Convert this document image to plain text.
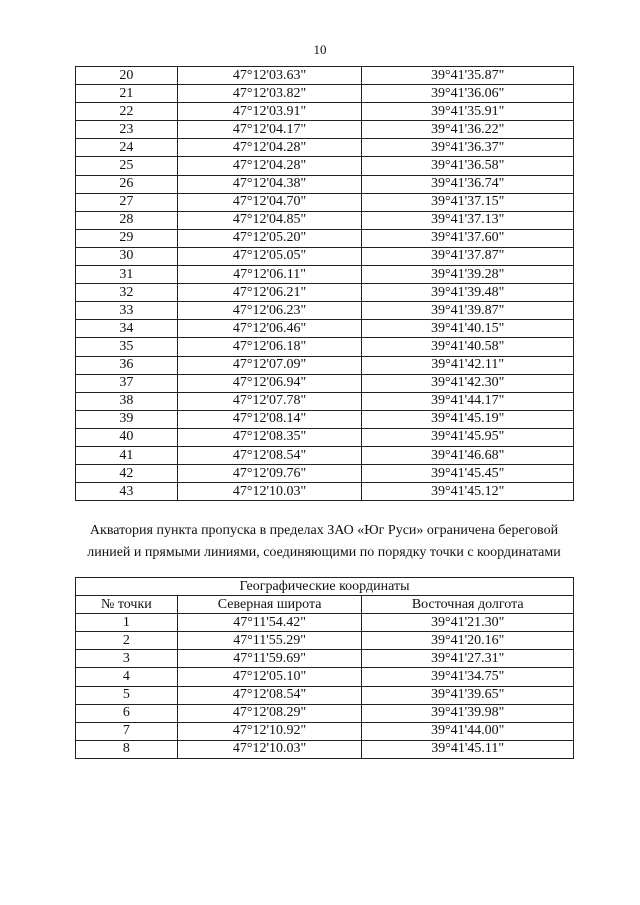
10
20	47°12'03.63"	39°41'35.87"
21	47°12'03.82"	39°41'36.06"
22	47°12'03.91"	39°41'35.91"
23	47°12'04.17"	39°41'36.22"
24	47°12'04.28"	39°41'36.37"
25	47°12'04.28"	39°41'36.58"
26	47°12'04.38"	39°41'36.74"
27	47°12'04.70"	39°41'37.15"
28	47°12'04.85"	39°41'37.13"
29	47°12'05.20"	39°41'37.60"
30	47°12'05.05"	39°41'37.87"
31	47°12'06.11"	39°41'39.28"
32	47°12'06.21"	39°41'39.48"
33	47°12'06.23"	39°41'39.87"
34	47°12'06.46"	39°41'40.15"
35	47°12'06.18"	39°41'40.58"
36	47°12'07.09"	39°41'42.11"
37	47°12'06.94"	39°41'42.30"
38	47°12'07.78"	39°41'44.17"
39	47°12'08.14"	39°41'45.19"
40	47°12'08.35"	39°41'45.95"
41	47°12'08.54"	39°41'46.68"
42	47°12'09.76"	39°41'45.45"
43	47°12'10.03"	39°41'45.12"
Акватория пункта пропуска в пределах ЗАО «Юг Руси» ограничена береговой
линией и прямыми линиями, соединяющими по порядку точки с координатами
Географические координаты		
№ точки	Северная широта	Восточная долгота
1	47°11'54.42"	39°41'21.30"
2	47°11'55.29"	39°41'20.16"
3	47°11'59.69"	39°41'27.31"
4	47°12'05.10"	39°41'34.75"
5	47°12'08.54"	39°41'39.65"
6	47°12'08.29"	39°41'39.98"
7	47°12'10.92"	39°41'44.00"
8	47°12'10.03"	39°41'45.11"
